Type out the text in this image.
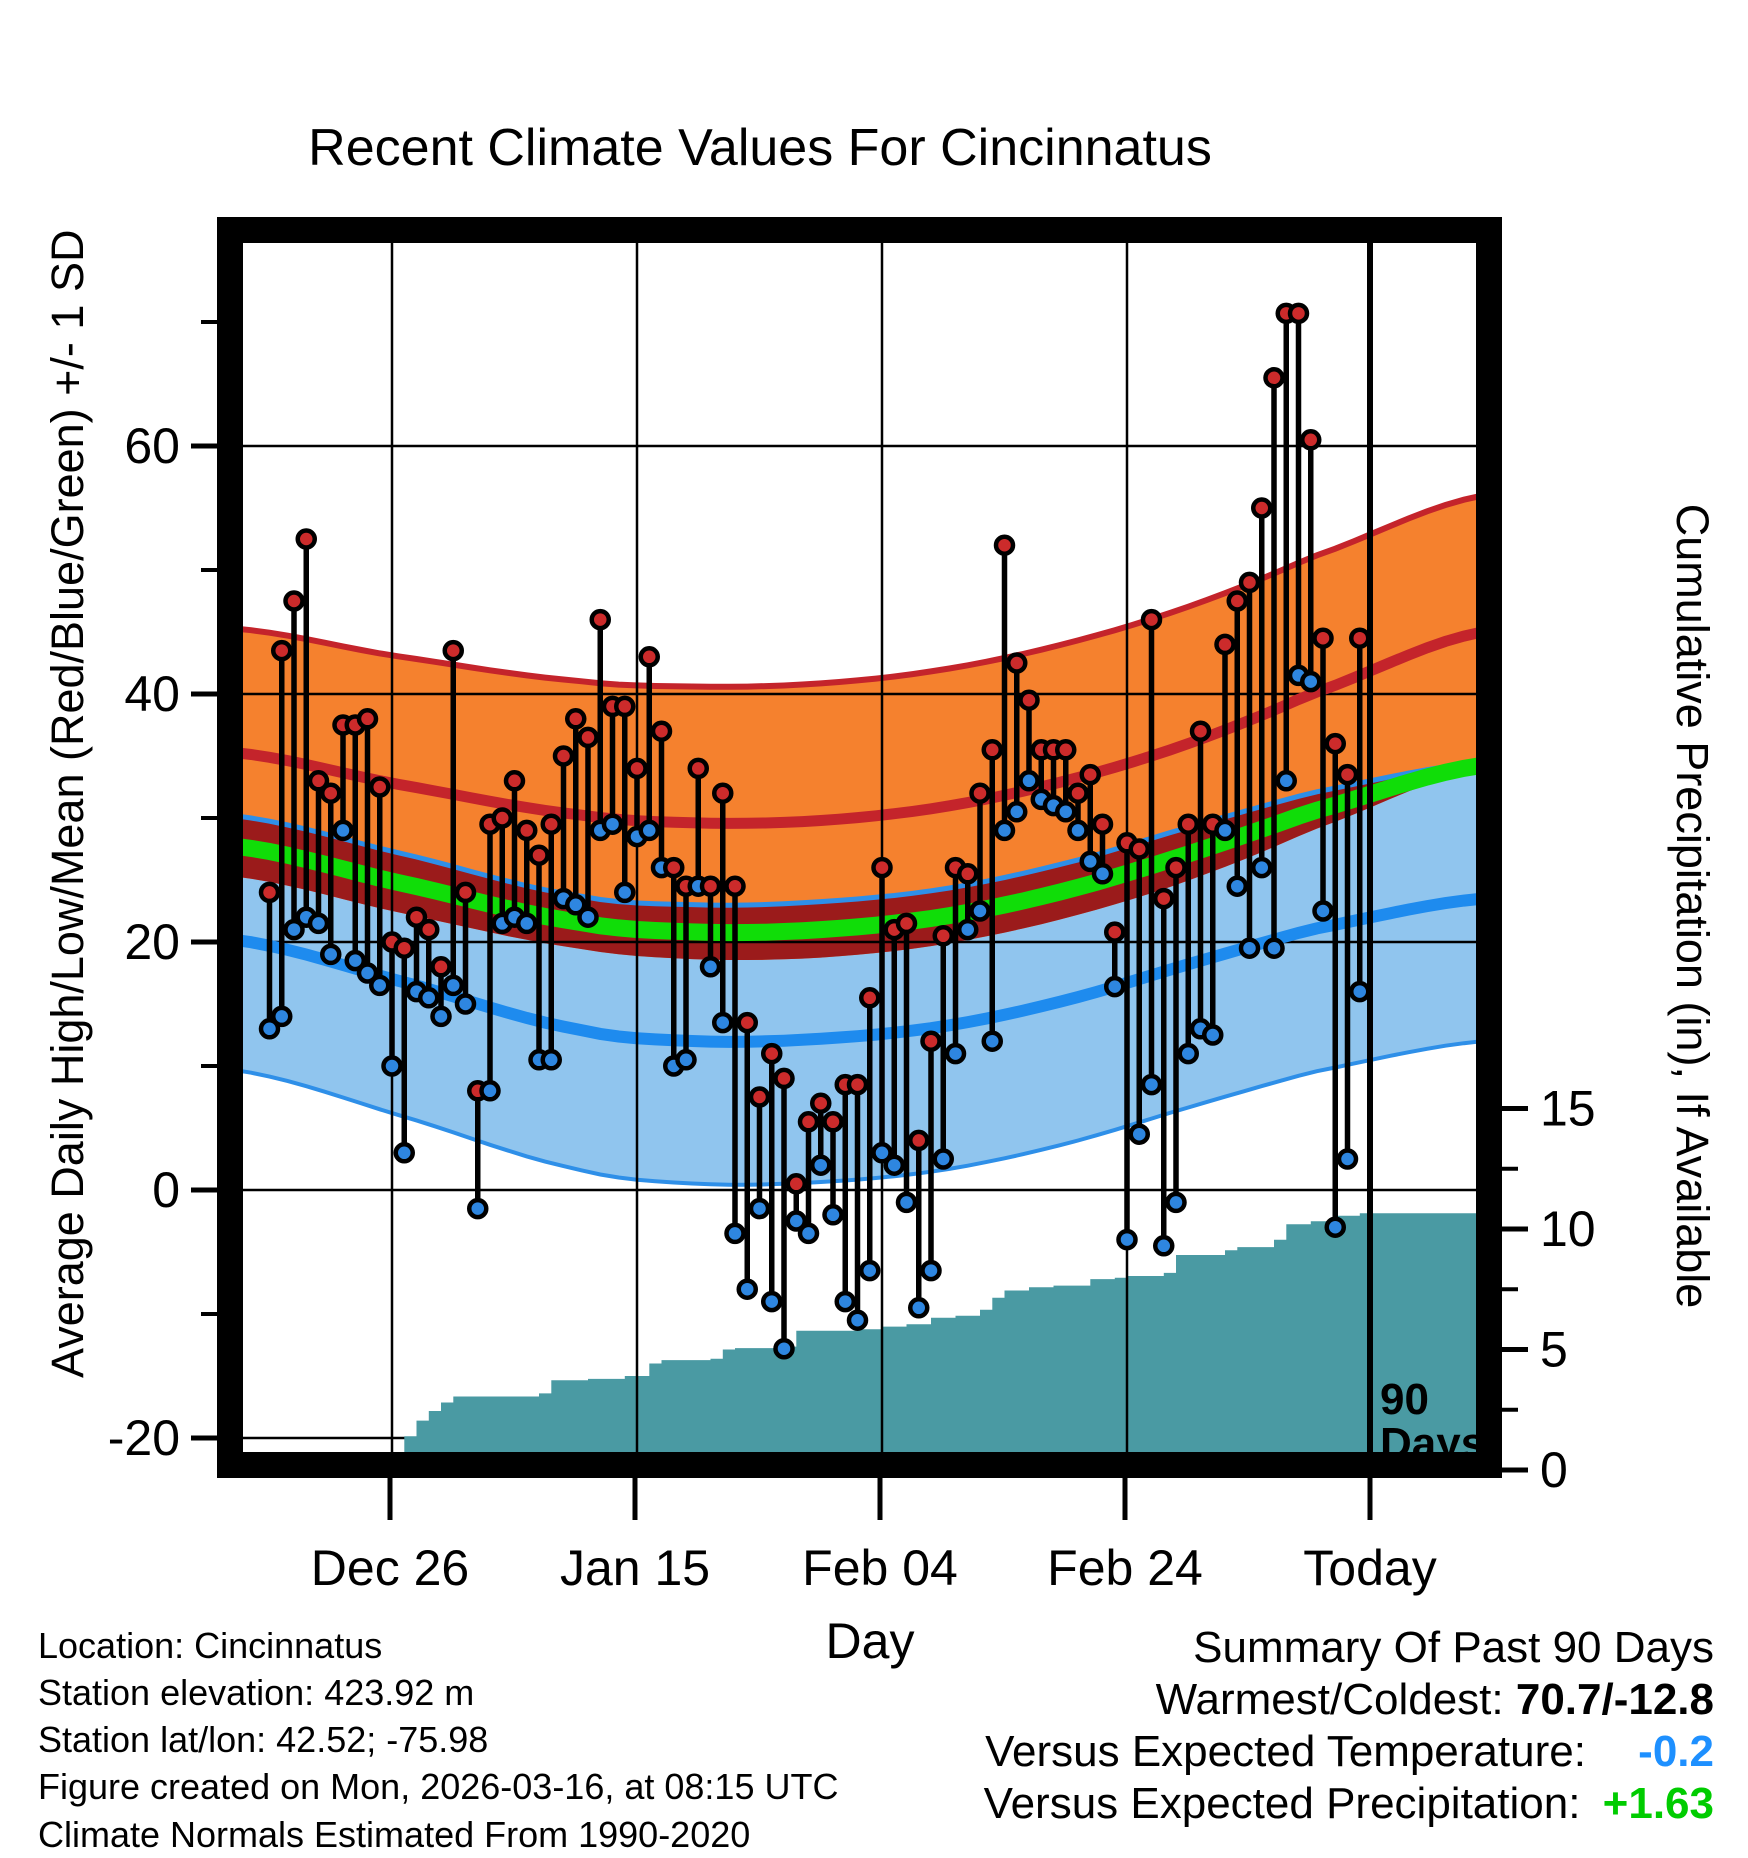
60
40
20
0
-20
15
10
5
0
Dec 26 Jan 15 Feb 04 Feb 24 Today
Recent Climate Values For Cincinnatus
Average Daily High/Low/Mean (Red/Blue/Green) +/- 1 SD	Cumulative Precipitation (in), If Available
Day
90
Days
Location: Cincinnatus
Station elevation: 423.92 m
Station lat/lon: 42.52; -75.98
Figure created on Mon, 2026-03-16, at 08:15 UTC
Climate Normals Estimated From 1990-2020
Summary Of Past 90 Days
Warmest/Coldest: 70.7/-12.8
Versus Expected Temperature: -0.2
Versus Expected Precipitation: +1.63
